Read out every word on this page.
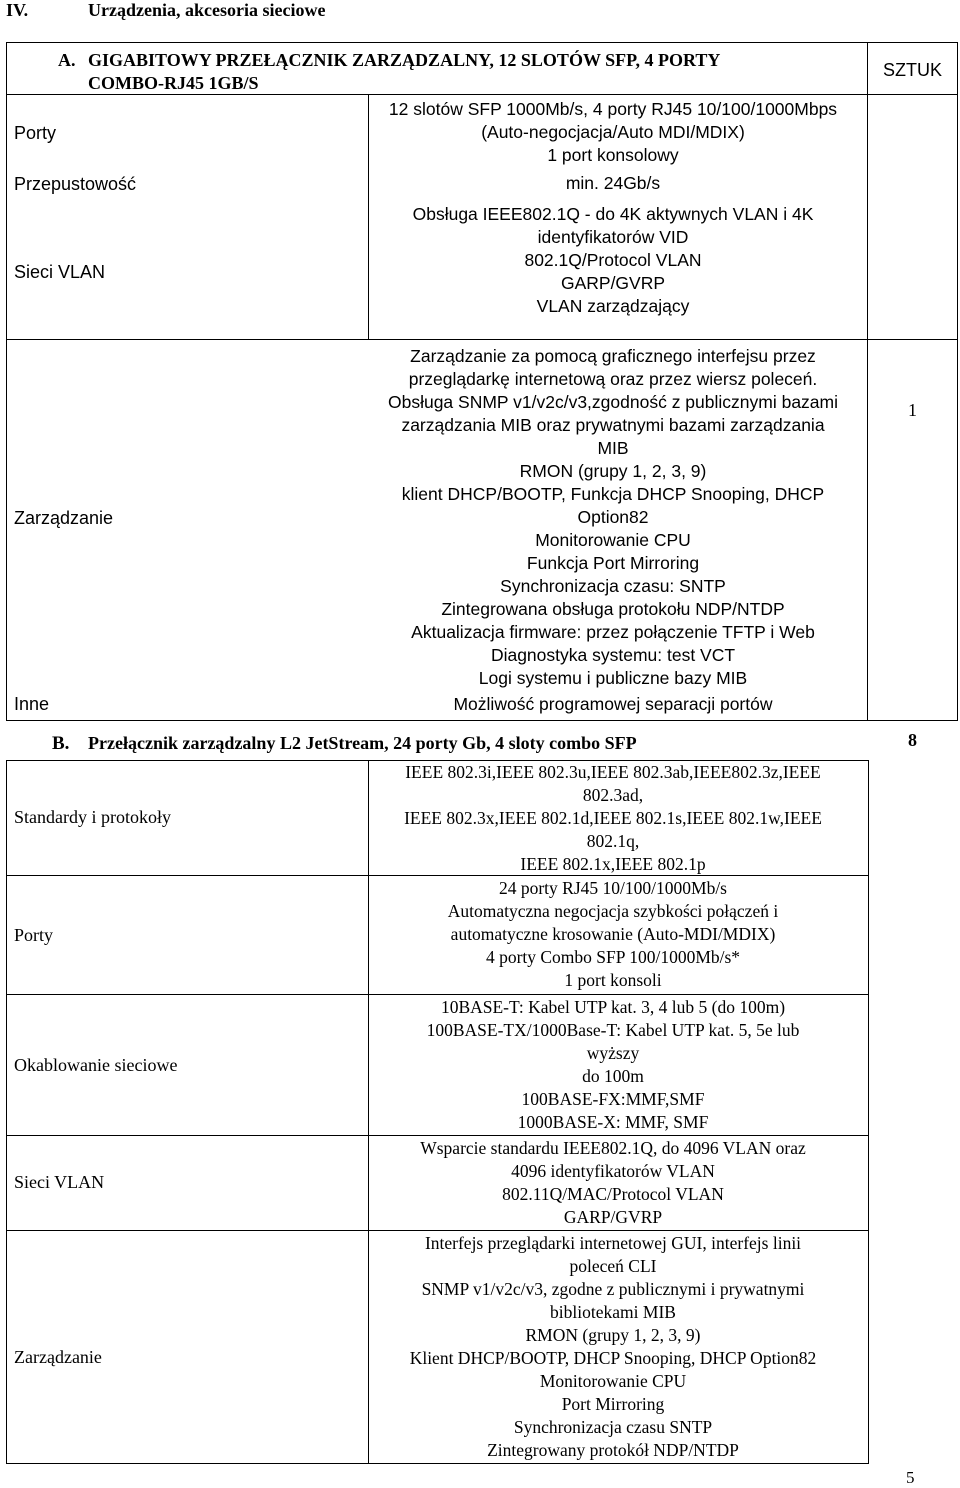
IV.	Urządzenia, akcesoria sieciowe
A. GIGABITOWY PRZEŁĄCZNIK ZARZĄDZALNY, 12 SLOTÓW SFP, 4 PORTY
COMBO-RJ45 1GB/S
SZTUK
1
Porty
Przepustowość
Sieci VLAN
Zarządzanie
Inne
12 slotów SFP 1000Mb/s, 4 porty RJ45 10/100/1000Mbps
(Auto-negocjacja/Auto MDI/MDIX)
1 port konsolowy
min. 24Gb/s
Obsługa IEEE802.1Q - do 4K aktywnych VLAN i 4K
identyfikatorów VID
802.1Q/Protocol VLAN
GARP/GVRP
VLAN zarządzający
Zarządzanie za pomocą graficznego interfejsu przez
przeglądarkę internetową oraz przez wiersz poleceń.
Obsługa SNMP v1/v2c/v3,zgodność z publicznymi bazami
zarządzania MIB oraz prywatnymi bazami zarządzania
MIB
RMON (grupy 1, 2, 3, 9)
klient DHCP/BOOTP, Funkcja DHCP Snooping, DHCP
Option82
Monitorowanie CPU
Funkcja Port Mirroring
Synchronizacja czasu: SNTP
Zintegrowana obsługa protokołu NDP/NTDP
Aktualizacja firmware: przez połączenie TFTP i Web
Diagnostyka systemu: test VCT
Logi systemu i publiczne bazy MIB
Możliwość programowej separacji portów
B. Przełącznik zarządzalny L2 JetStream, 24 porty Gb, 4 sloty combo SFP	8
Standardy i protokoły
Porty
Okablowanie sieciowe
Sieci VLAN
Zarządzanie
IEEE 802.3i,IEEE 802.3u,IEEE 802.3ab,IEEE802.3z,IEEE
802.3ad,
IEEE 802.3x,IEEE 802.1d,IEEE 802.1s,IEEE 802.1w,IEEE
802.1q,
IEEE 802.1x,IEEE 802.1p
24 porty RJ45 10/100/1000Mb/s
Automatyczna negocjacja szybkości połączeń i
automatyczne krosowanie (Auto-MDI/MDIX)
4 porty Combo SFP 100/1000Mb/s*
1 port konsoli
10BASE-T: Kabel UTP kat. 3, 4 lub 5 (do 100m)
100BASE-TX/1000Base-T: Kabel UTP kat. 5, 5e lub
wyższy
do 100m
100BASE-FX:MMF,SMF
1000BASE-X: MMF, SMF
Wsparcie standardu IEEE802.1Q, do 4096 VLAN oraz
4096 identyfikatorów VLAN
802.11Q/MAC/Protocol VLAN
GARP/GVRP
Interfejs przeglądarki internetowej GUI, interfejs linii
poleceń CLI
SNMP v1/v2c/v3, zgodne z publicznymi i prywatnymi
bibliotekami MIB
RMON (grupy 1, 2, 3, 9)
Klient DHCP/BOOTP, DHCP Snooping, DHCP Option82
Monitorowanie CPU
Port Mirroring
Synchronizacja czasu SNTP
Zintegrowany protokół NDP/NTDP
5
